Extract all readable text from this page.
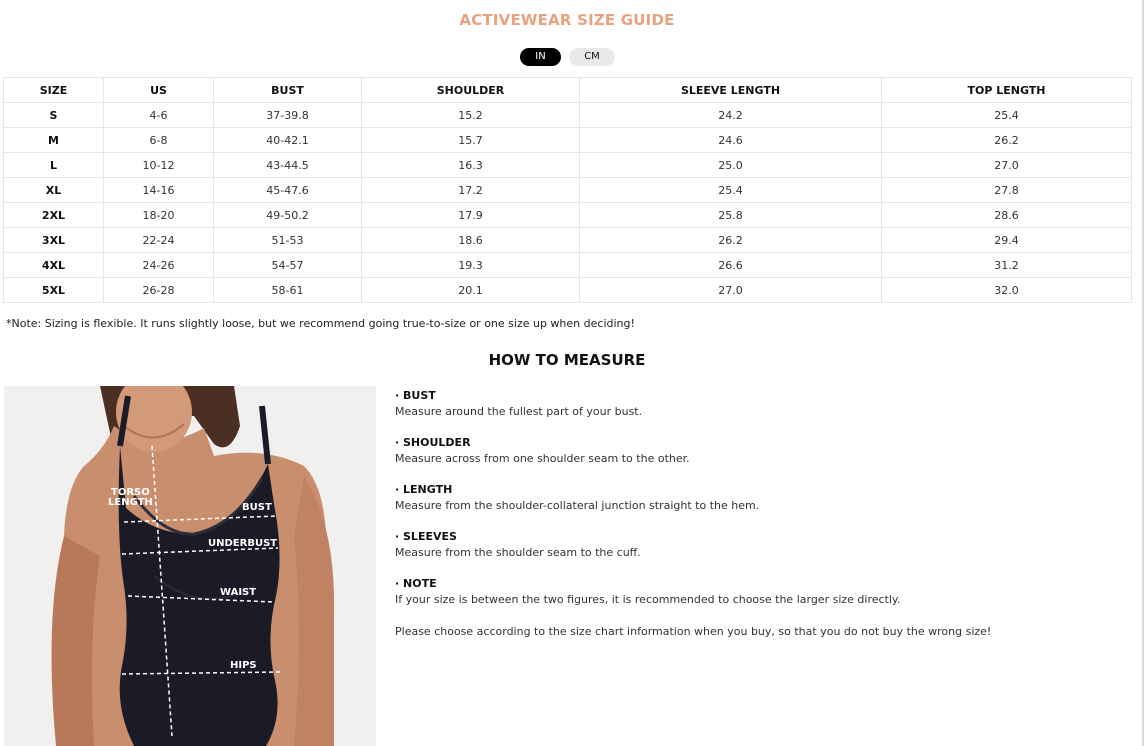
ACTIVEWEAR SIZE GUIDE
IN	CM
SIZE	US	BUST	SHOULDER	SLEEVE LENGTH	TOP LENGTH
S	4-6	37-39.8	15.2	24.2	25.4
M	6-8	40-42.1	15.7	24.6	26.2
L	10-12	43-44.5	16.3	25.0	27.0
XL	14-16	45-47.6	17.2	25.4	27.8
2XL	18-20	49-50.2	17.9	25.8	28.6
3XL	22-24	51-53	18.6	26.2	29.4
4XL	24-26	54-57	19.3	26.6	31.2
5XL	26-28	58-61	20.1	27.0	32.0
*Note: Sizing is flexible. It runs slightly loose, but we recommend going true-to-size or one size up when deciding!
HOW TO MEASURE
TORSO
LENGTH	BUST
UNDERBUST
WAIST
HIPS
· BUST
Measure around the fullest part of your bust.
· SHOULDER
Measure across from one shoulder seam to the other.
· LENGTH
Measure from the shoulder-collateral junction straight to the hem.
· SLEEVES
Measure from the shoulder seam to the cuff.
· NOTE
If your size is between the two figures, it is recommended to choose the larger size directly.
Please choose according to the size chart information when you buy, so that you do not buy the wrong size!
